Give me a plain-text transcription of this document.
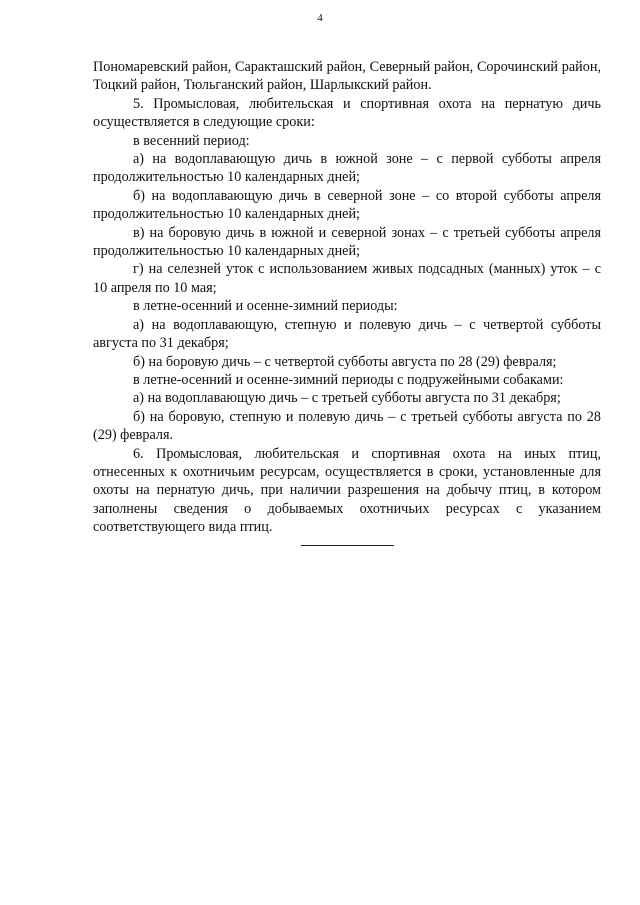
4

Пономаревский район, Саракташский район, Северный район, Сорочинский район, Тоцкий район, Тюльганский район, Шарлыкский район.

5. Промысловая, любительская и спортивная охота на пернатую дичь осуществляется в следующие сроки:

в весенний период:

а) на водоплавающую дичь в южной зоне – с первой субботы апреля продолжительностью 10 календарных дней;

б) на водоплавающую дичь в северной зоне – со второй субботы апреля продолжительностью 10 календарных дней;

в) на боровую дичь в южной и северной зонах – с третьей субботы апреля продолжительностью 10 календарных дней;

г) на селезней уток с использованием живых подсадных (манных) уток – с 10 апреля по 10 мая;

в летне-осенний и осенне-зимний периоды:

а) на водоплавающую, степную и полевую дичь – с четвертой субботы августа по 31 декабря;

б) на боровую дичь – с четвертой субботы августа по 28 (29) февраля;

в летне-осенний и осенне-зимний периоды с подружейными собаками:

а) на водоплавающую дичь – с третьей субботы августа по 31 декабря;

б) на боровую, степную и полевую дичь – с третьей субботы августа по 28 (29) февраля.

6. Промысловая, любительская и спортивная охота на иных птиц, отнесенных к охотничьим ресурсам, осуществляется в сроки, установленные для охоты на пернатую дичь, при наличии разрешения на добычу птиц, в котором заполнены сведения о добываемых охотничьих ресурсах с указанием соответствующего вида птиц.
